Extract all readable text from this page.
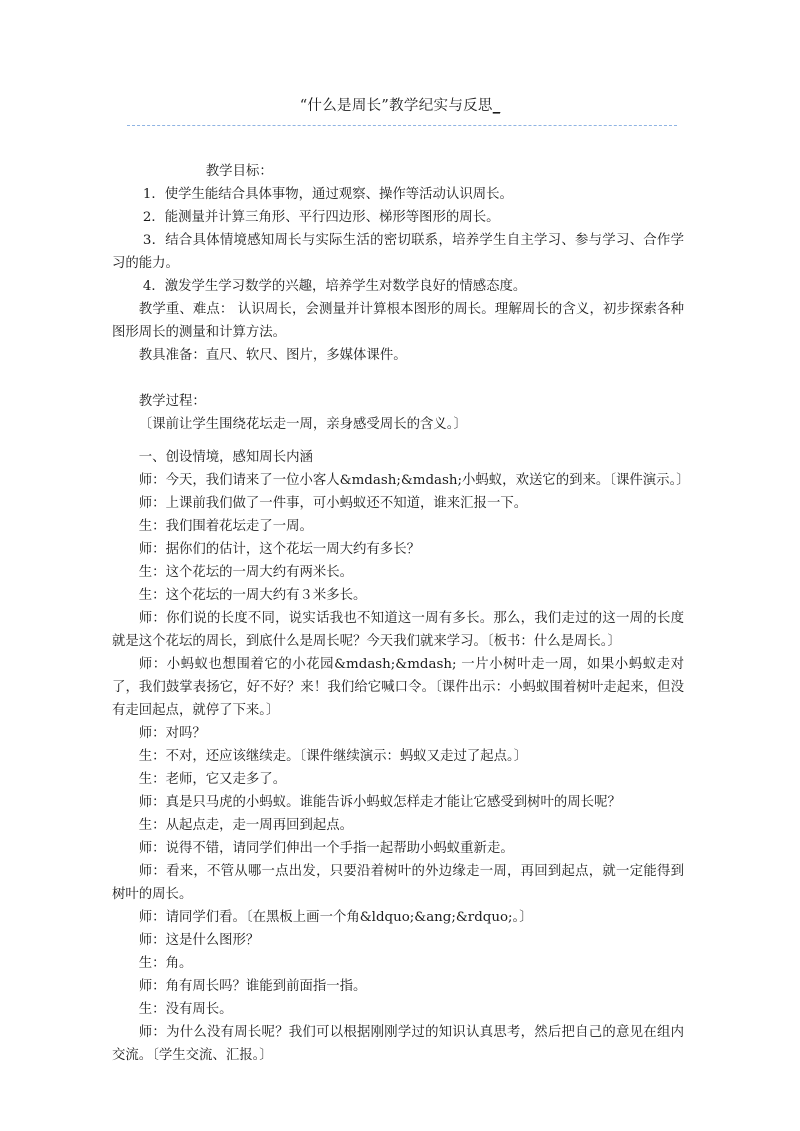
“什么是周长”教学纪实与反思_

教学目标：

1．使学生能结合具体事物，通过观察、操作等活动认识周长。

2．能测量并计算三角形、平行四边形、梯形等图形的周长。

3．结合具体情境感知周长与实际生活的密切联系，培养学生自主学习、参与学习、合作学习的能力。

4．激发学生学习数学的兴趣，培养学生对数学良好的情感态度。

教学重、难点： 认识周长，会测量并计算根本图形的周长。理解周长的含义，初步探索各种图形周长的测量和计算方法。

教具准备：直尺、软尺、图片，多媒体课件。

教学过程：

〔课前让学生围绕花坛走一周，亲身感受周长的含义。〕

一、创设情境，感知周长内涵

师：今天，我们请来了一位小客人&mdash;&mdash;小蚂蚁，欢送它的到来。〔课件演示。〕

师：上课前我们做了一件事，可小蚂蚁还不知道，谁来汇报一下。

生：我们围着花坛走了一周。

师：据你们的估计，这个花坛一周大约有多长？

生：这个花坛的一周大约有两米长。

生：这个花坛的一周大约有３米多长。

师：你们说的长度不同，说实话我也不知道这一周有多长。那么，我们走过的这一周的长度就是这个花坛的周长，到底什么是周长呢？今天我们就来学习。〔板书：什么是周长。〕

师：小蚂蚁也想围着它的小花园&mdash;&mdash; 一片小树叶走一周，如果小蚂蚁走对了，我们鼓掌表扬它，好不好？来！我们给它喊口令。〔课件出示：小蚂蚁围着树叶走起来，但没有走回起点，就停了下来。〕

师：对吗？

生：不对，还应该继续走。〔课件继续演示：蚂蚁又走过了起点。〕

生：老师，它又走多了。

师：真是只马虎的小蚂蚁。谁能告诉小蚂蚁怎样走才能让它感受到树叶的周长呢？

生：从起点走，走一周再回到起点。

师：说得不错，请同学们伸出一个手指一起帮助小蚂蚁重新走。

师：看来，不管从哪一点出发，只要沿着树叶的外边缘走一周，再回到起点，就一定能得到树叶的周长。

师：请同学们看。〔在黑板上画一个角&ldquo;&ang;&rdquo;。〕

师：这是什么图形？

生：角。

师：角有周长吗？谁能到前面指一指。

生：没有周长。

师：为什么没有周长呢？我们可以根据刚刚学过的知识认真思考，然后把自己的意见在组内交流。〔学生交流、汇报。〕
